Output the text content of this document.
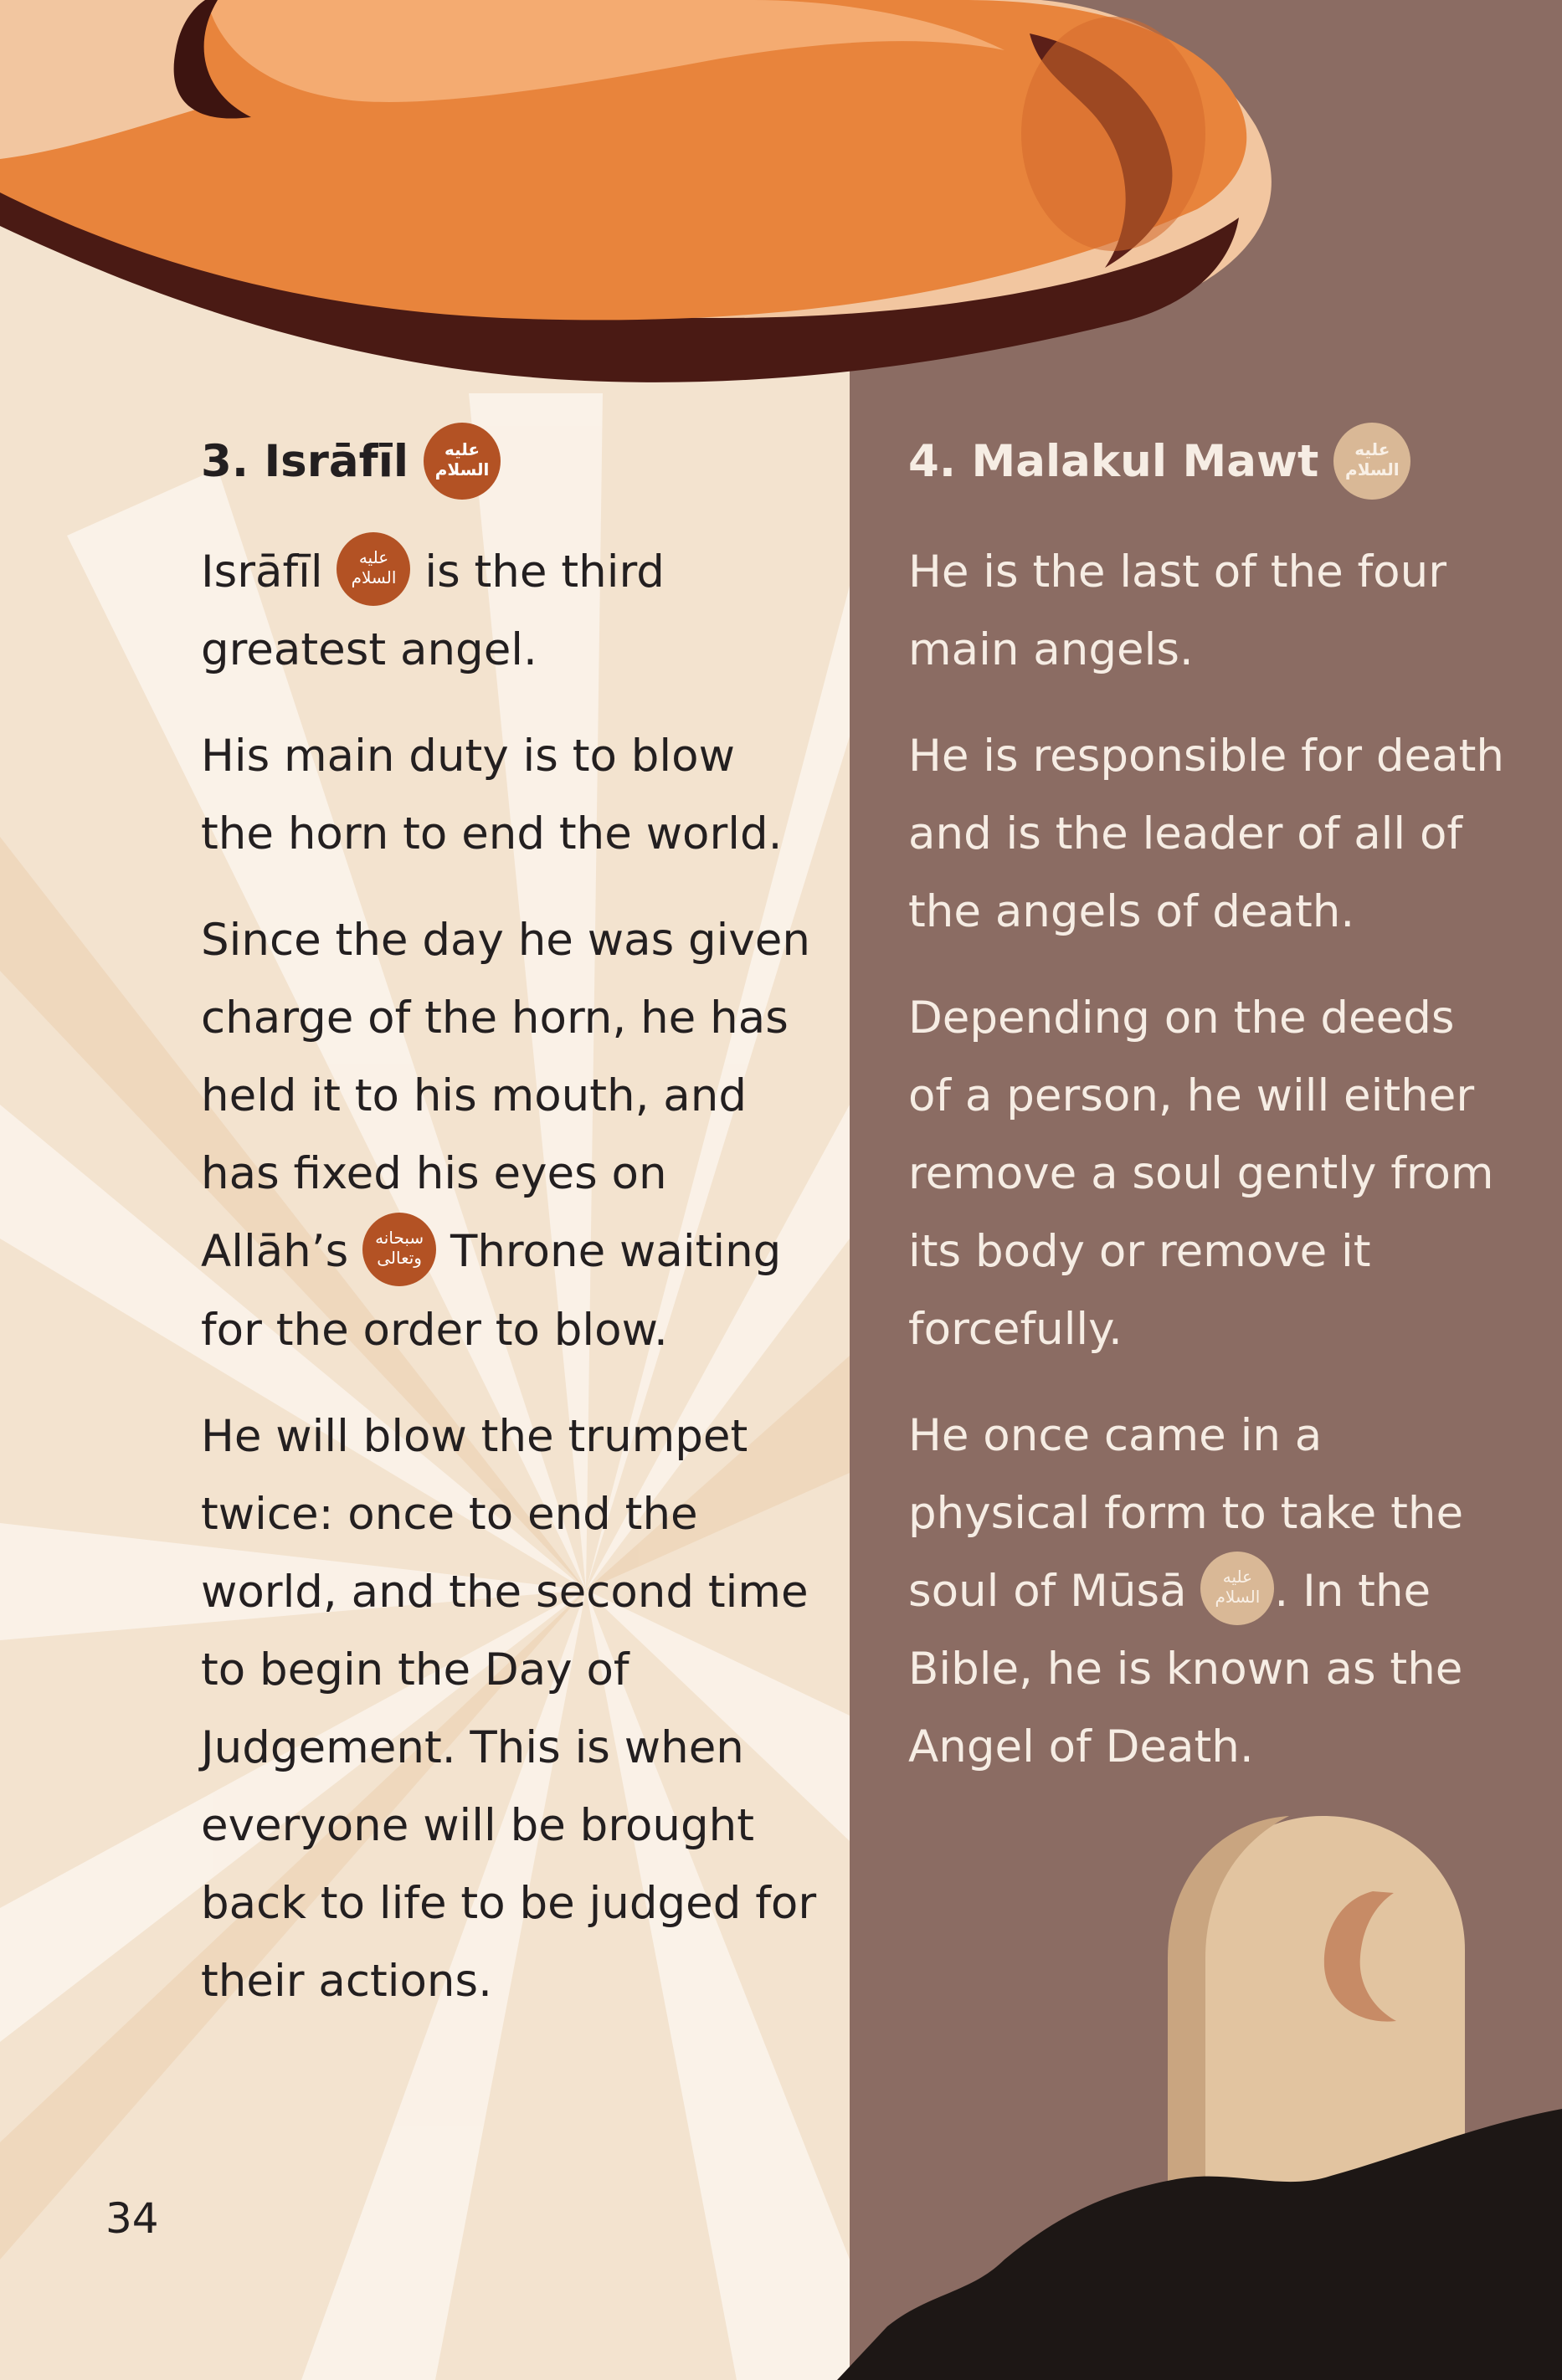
3. Isrāfīl	عليه
السلام

Isrāfīl	عليه
السلام is the third greatest angel.

His main duty is to blow the horn to end the world.

Since the day he was given charge of the horn, he has held it to his mouth, and has fixed his eyes on Allāh’s	سبحانه
وتعالى Throne waiting for the order to blow.

He will blow the trumpet twice: once to end the world, and the second time to begin the Day of Judgement. This is when everyone will be brought back to life to be judged for their actions.

4. Malakul Mawt	عليه
السلام

He is the last of the four main angels.

He is responsible for death and is the leader of all of the angels of death.

Depending on the deeds of a person, he will either remove a soul gently from its body or remove it forcefully.

He once came in a physical form to take the soul of Mūsā	عليه
السلام . In the Bible, he is known as the Angel of Death.

34
